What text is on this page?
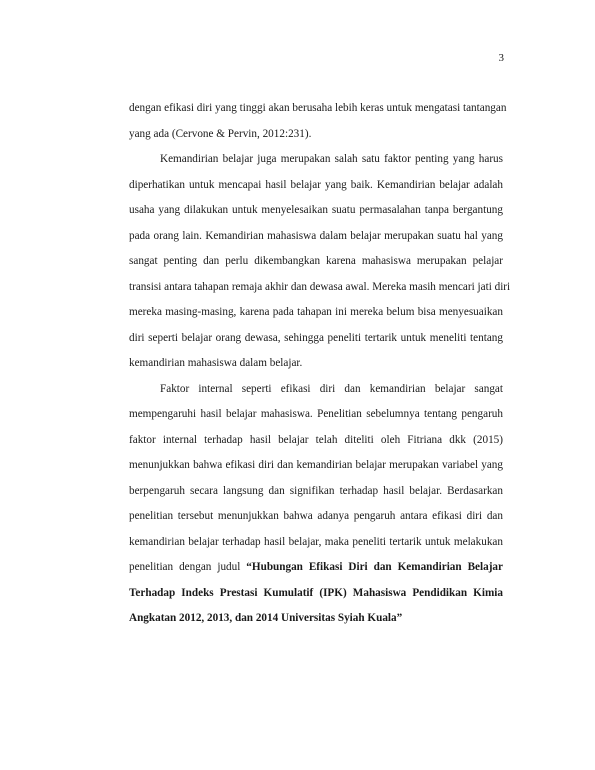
3
dengan efikasi diri yang tinggi akan berusaha lebih keras untuk mengatasi tantangan
yang ada (Cervone & Pervin, 2012:231).
Kemandirian belajar juga merupakan salah satu faktor penting yang harus
diperhatikan untuk mencapai hasil belajar yang baik. Kemandirian belajar adalah
usaha yang dilakukan untuk menyelesaikan suatu permasalahan tanpa bergantung
pada orang lain. Kemandirian mahasiswa dalam belajar merupakan suatu hal yang
sangat penting dan perlu dikembangkan karena mahasiswa merupakan pelajar
transisi antara tahapan remaja akhir dan dewasa awal. Mereka masih mencari jati diri
mereka masing-masing, karena pada tahapan ini mereka belum bisa menyesuaikan
diri seperti belajar orang dewasa, sehingga peneliti tertarik untuk meneliti tentang
kemandirian mahasiswa dalam belajar.
Faktor internal seperti efikasi diri dan kemandirian belajar sangat
mempengaruhi hasil belajar mahasiswa. Penelitian sebelumnya tentang pengaruh
faktor internal terhadap hasil belajar telah diteliti oleh Fitriana dkk (2015)
menunjukkan bahwa efikasi diri dan kemandirian belajar merupakan variabel yang
berpengaruh secara langsung dan signifikan terhadap hasil belajar. Berdasarkan
penelitian tersebut menunjukkan bahwa adanya pengaruh antara efikasi diri dan
kemandirian belajar terhadap hasil belajar, maka peneliti tertarik untuk melakukan
penelitian dengan judul “Hubungan Efikasi Diri dan Kemandirian Belajar
Terhadap Indeks Prestasi Kumulatif (IPK) Mahasiswa Pendidikan Kimia
Angkatan 2012, 2013, dan 2014 Universitas Syiah Kuala”
